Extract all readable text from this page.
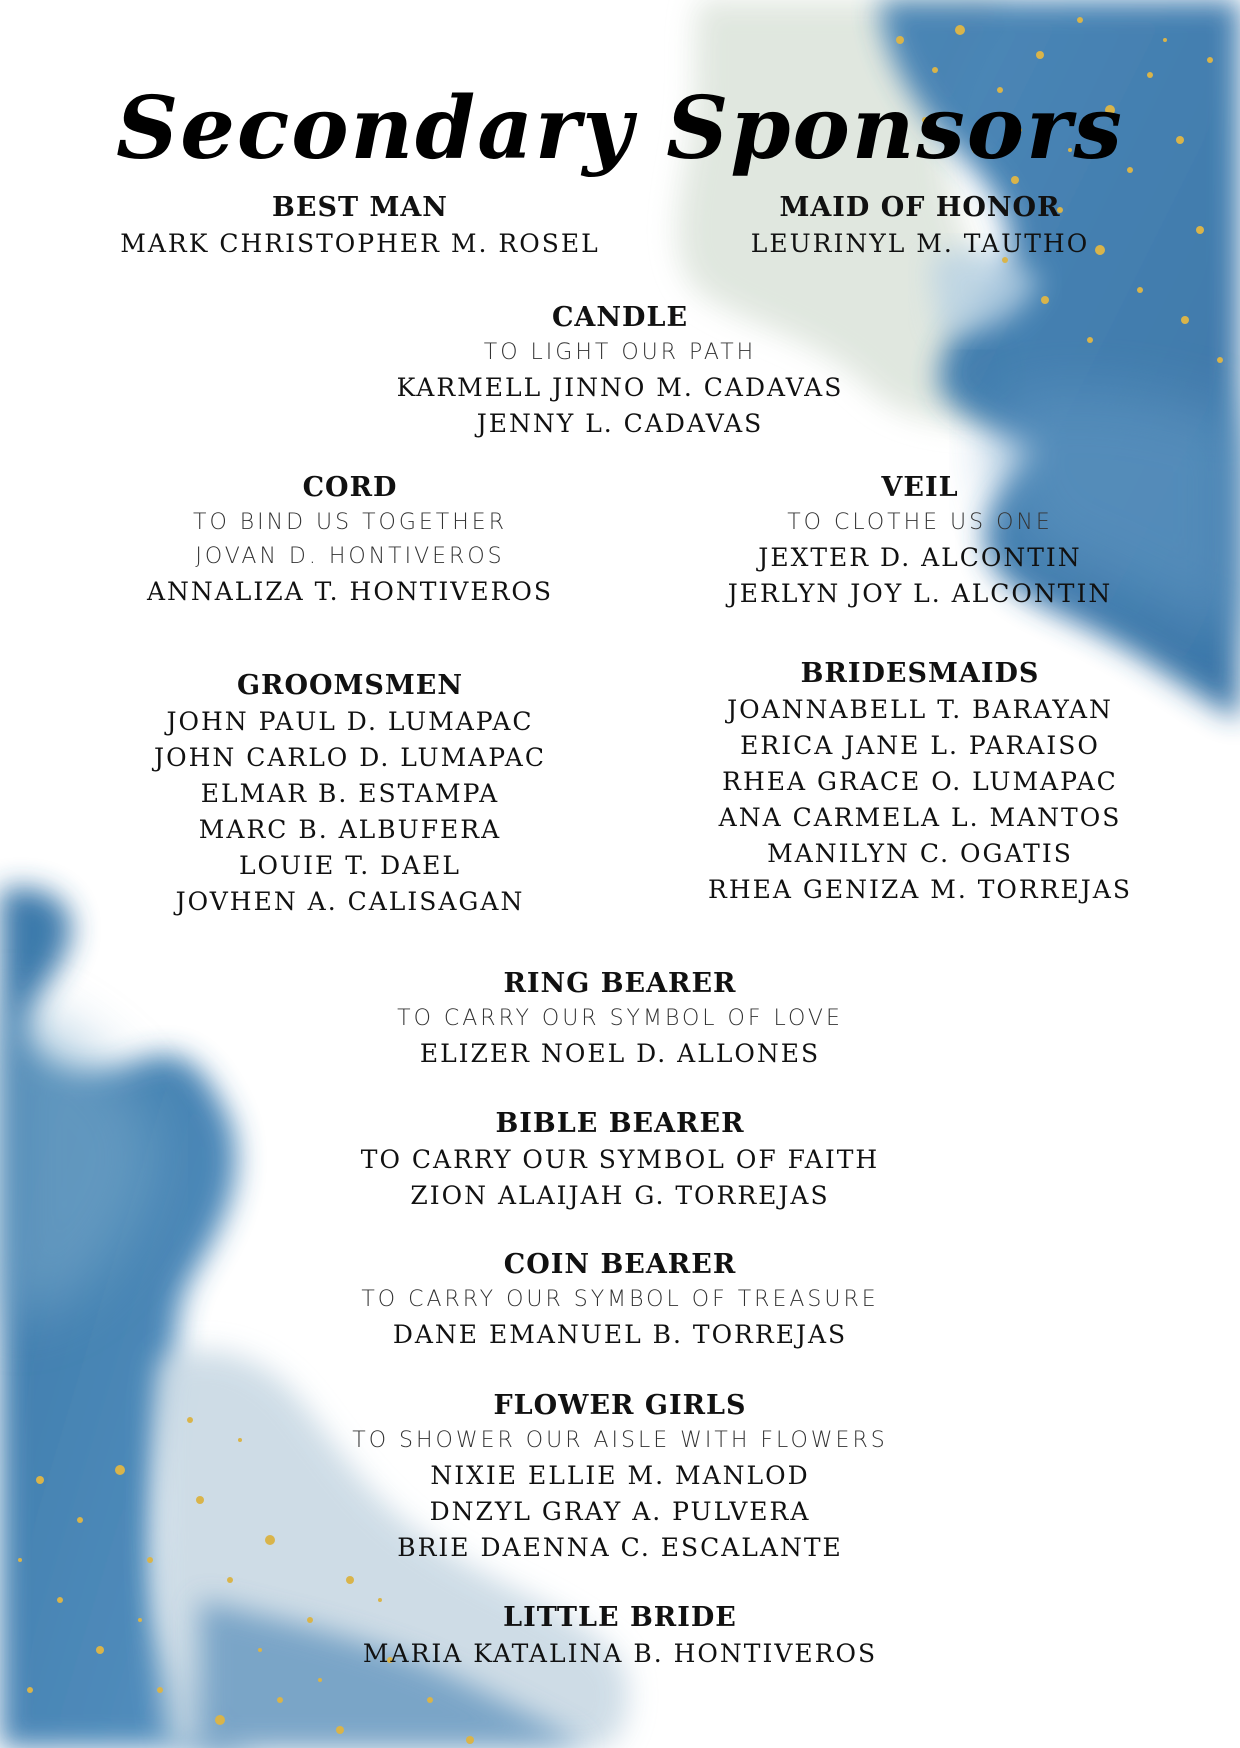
Secondary Sponsors
BEST MAN
MARK CHRISTOPHER M. ROSEL
MAID OF HONOR
LEURINYL M. TAUTHO
CANDLE
TO LIGHT OUR PATH
KARMELL JINNO M. CADAVAS
JENNY L. CADAVAS
CORD
TO BIND US TOGETHER
JOVAN D. HONTIVEROS
ANNALIZA T. HONTIVEROS
VEIL
TO CLOTHE US ONE
JEXTER D. ALCONTIN
JERLYN JOY L. ALCONTIN
GROOMSMEN
JOHN PAUL D. LUMAPAC
JOHN CARLO D. LUMAPAC
ELMAR B. ESTAMPA
MARC B. ALBUFERA
LOUIE T. DAEL
JOVHEN A. CALISAGAN
BRIDESMAIDS
JOANNABELL T. BARAYAN
ERICA JANE L. PARAISO
RHEA GRACE O. LUMAPAC
ANA CARMELA L. MANTOS
MANILYN C. OGATIS
RHEA GENIZA M. TORREJAS
RING BEARER
TO CARRY OUR SYMBOL OF LOVE
ELIZER NOEL D. ALLONES
BIBLE BEARER
TO CARRY OUR SYMBOL OF FAITH
ZION ALAIJAH G. TORREJAS
COIN BEARER
TO CARRY OUR SYMBOL OF TREASURE
DANE EMANUEL B. TORREJAS
FLOWER GIRLS
TO SHOWER OUR AISLE WITH FLOWERS
NIXIE ELLIE M. MANLOD
DNZYL GRAY A. PULVERA
BRIE DAENNA C. ESCALANTE
LITTLE BRIDE
MARIA KATALINA B. HONTIVEROS
